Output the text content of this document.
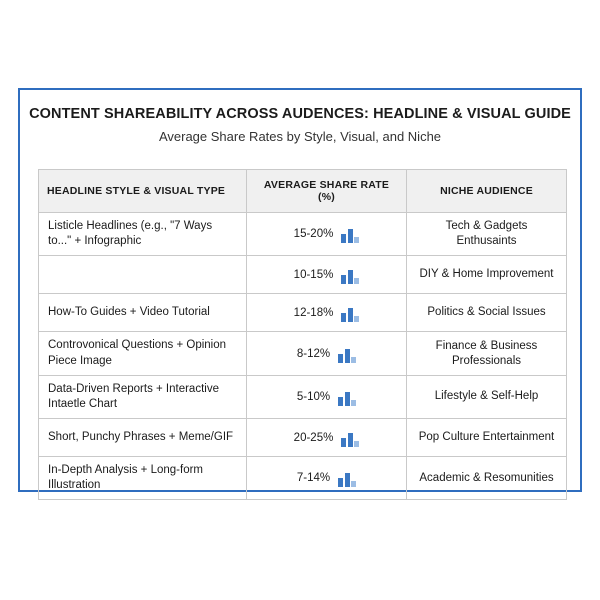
CONTENT SHAREABILITY ACROSS AUDENCES: HEADLINE & VISUAL GUIDE
Average Share Rates by Style, Visual, and Niche
HEADLINE STYLE & VISUAL TYPE	AVERAGE SHARE RATE (%)	NICHE AUDIENCE
Listicle Headlines (e.g., "7 Ways to..." + Infographic	15-20%	Tech & Gadgets Enthusaints

	10-15%	DIY & Home Improvement
How-To Guides + Video Tutorial	12-18%	Politics & Social Issues
Controvonical Questions + Opinion Piece Image	8-12%	Finance & Business Professionals
Data-Driven Reports + Interactive Intaetle Chart	5-10%	Lifestyle & Self-Help
Short, Punchy Phrases + Meme/GIF	20-25%	Pop Culture Entertainment
In-Depth Analysis + Long-form Illustration	7-14%	Academic & Resomunities
